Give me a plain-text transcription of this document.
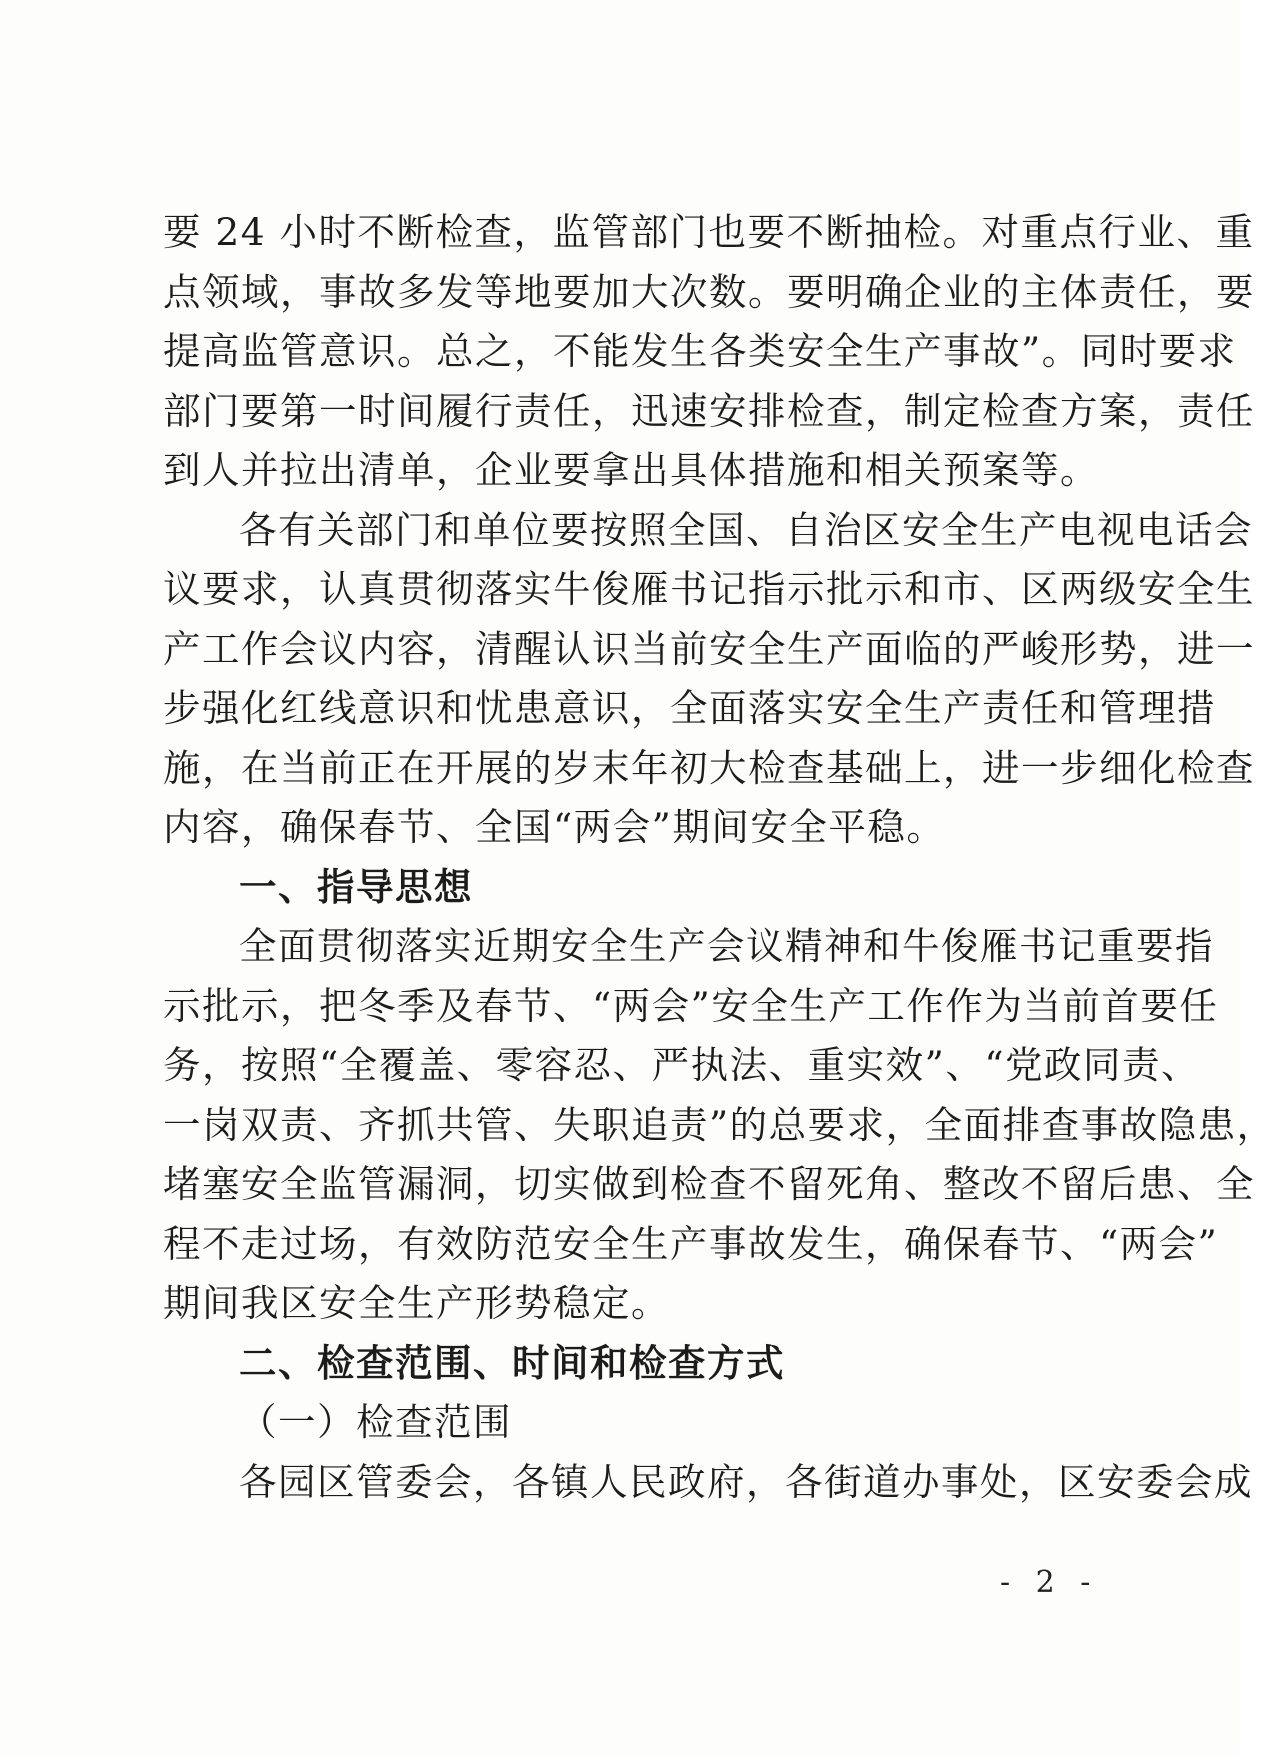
要 24 小时不断检查，监管部门也要不断抽检。对重点行业、重
点领域，事故多发等地要加大次数。要明确企业的主体责任，要
提高监管意识。总之，不能发生各类安全生产事故”。同时要求
部门要第一时间履行责任，迅速安排检查，制定检查方案，责任
到人并拉出清单，企业要拿出具体措施和相关预案等。
各有关部门和单位要按照全国、自治区安全生产电视电话会
议要求，认真贯彻落实牛俊雁书记指示批示和市、区两级安全生
产工作会议内容，清醒认识当前安全生产面临的严峻形势，进一
步强化红线意识和忧患意识，全面落实安全生产责任和管理措
施，在当前正在开展的岁末年初大检查基础上，进一步细化检查
内容，确保春节、全国“两会”期间安全平稳。
一、指导思想
全面贯彻落实近期安全生产会议精神和牛俊雁书记重要指
示批示，把冬季及春节、“两会”安全生产工作作为当前首要任
务，按照“全覆盖、零容忍、严执法、重实效”、“党政同责、
一岗双责、齐抓共管、失职追责”的总要求，全面排查事故隐患，
堵塞安全监管漏洞，切实做到检查不留死角、整改不留后患、全
程不走过场，有效防范安全生产事故发生，确保春节、“两会”
期间我区安全生产形势稳定。
二、检查范围、时间和检查方式
（一）检查范围
各园区管委会，各镇人民政府，各街道办事处，区安委会成
- 2 -
